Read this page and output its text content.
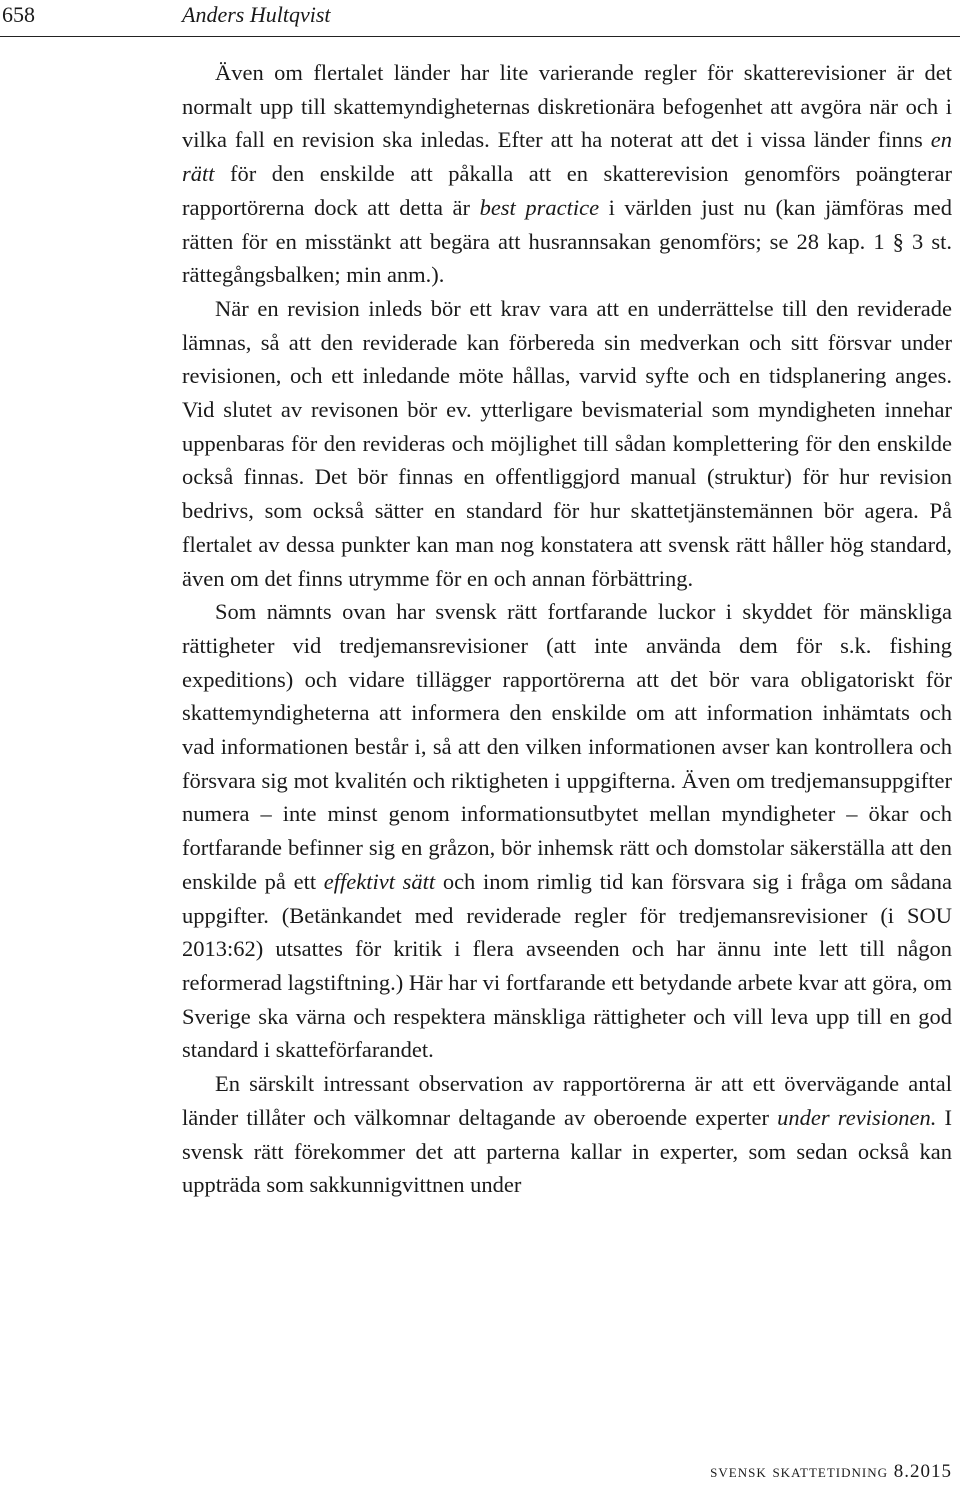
658	Anders Hultqvist

Även om flertalet länder har lite varierande regler för skatterevisioner är det normalt upp till skattemyndigheternas diskretionära befogenhet att avgöra när och i vilka fall en revision ska inledas. Efter att ha noterat att det i vissa länder finns en rätt för den enskilde att påkalla att en skatterevision genomförs poängterar rapportörerna dock att detta är best practice i världen just nu (kan jämföras med rätten för en misstänkt att begära att husrannsakan genomförs; se 28 kap. 1 § 3 st. rättegångsbalken; min anm.).

När en revision inleds bör ett krav vara att en underrättelse till den reviderade lämnas, så att den reviderade kan förbereda sin medverkan och sitt försvar under revisionen, och ett inledande möte hållas, varvid syfte och en tidsplanering anges. Vid slutet av revisonen bör ev. ytterligare bevismaterial som myndigheten innehar uppenbaras för den revideras och möjlighet till sådan komplettering för den enskilde också finnas. Det bör finnas en offentliggjord manual (struktur) för hur revision bedrivs, som också sätter en standard för hur skattetjänstemännen bör agera. På flertalet av dessa punkter kan man nog konstatera att svensk rätt håller hög standard, även om det finns utrymme för en och annan förbättring.

Som nämnts ovan har svensk rätt fortfarande luckor i skyddet för mänskliga rättigheter vid tredjemansrevisioner (att inte använda dem för s.k. fishing expeditions) och vidare tillägger rapportörerna att det bör vara obligatoriskt för skattemyndigheterna att informera den enskilde om att information inhämtats och vad informationen består i, så att den vilken informationen avser kan kontrollera och försvara sig mot kvalitén och riktigheten i uppgifterna. Även om tredjemansuppgifter numera – inte minst genom informationsutbytet mellan myndigheter – ökar och fortfarande befinner sig en gråzon, bör inhemsk rätt och domstolar säkerställa att den enskilde på ett effektivt sätt och inom rimlig tid kan försvara sig i fråga om sådana uppgifter. (Betänkandet med reviderade regler för tredjemansrevisioner (i SOU 2013:62) utsattes för kritik i flera avseenden och har ännu inte lett till någon reformerad lagstiftning.) Här har vi fortfarande ett betydande arbete kvar att göra, om Sverige ska värna och respektera mänskliga rättigheter och vill leva upp till en god standard i skatteförfarandet.

En särskilt intressant observation av rapportörerna är att ett övervägande antal länder tillåter och välkomnar deltagande av oberoende experter under revisionen. I svensk rätt förekommer det att parterna kallar in experter, som sedan också kan uppträda som sakkunnigvittnen under

svensk skattetidning 8.2015
